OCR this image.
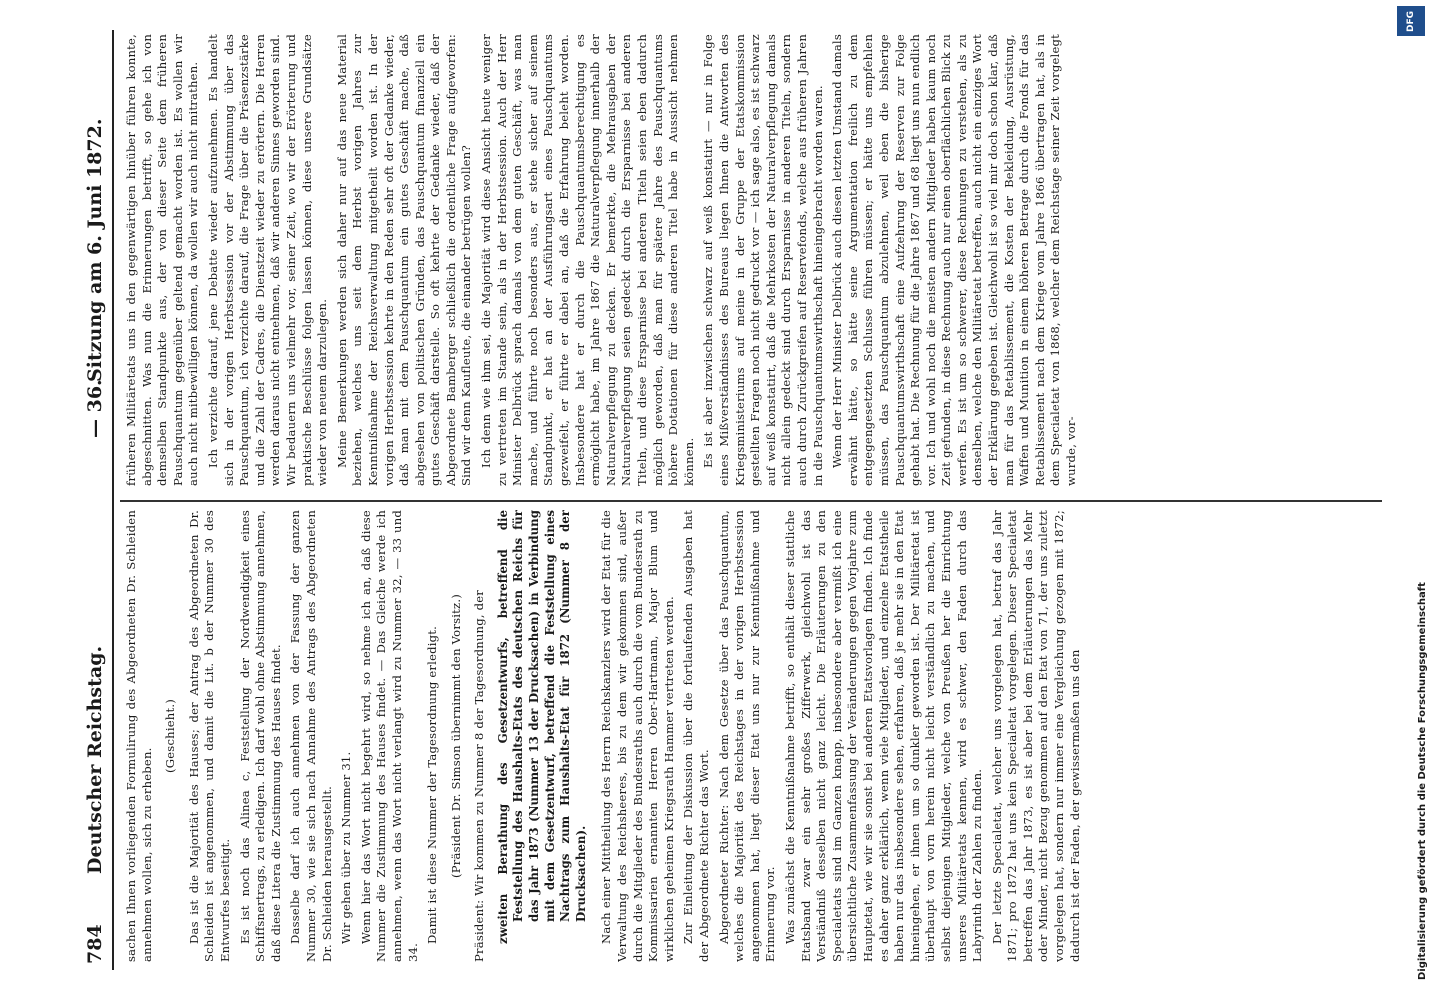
784
Deutscher Reichstag.
— 36.
Sitzung am 6. Juni 1872.

sachen Ihnen vorliegenden Formulirung des Abgeordneten Dr. Schleiden annehmen wollen, sich zu erheben.

(Geschieht.) Das ist die Majorität des Hauses; der Antrag des Abgeordneten Dr. Schleiden ist angenommen, und damit die Lit. b der Nummer 30 des Entwurfes beseitigt. Es ist noch das Alinea c, Feststellung der Nordwendigkeit eines Schiffsnertrags, zu erledigen. Ich darf wohl ohne Abstimmung annehmen, daß diese Litera die Zustimmung des Hauses findet. Dasselbe darf ich auch annehmen von der Fassung der ganzen Nummer 30, wie sie sich nach Annahme des Antrags des Abgeordneten Dr. Schleiden herausgestellt. Wir gehen über zu Nummer 31. Wenn hier das Wort nicht begehrt wird, so nehme ich an, daß diese Nummer die Zustimmung des Hauses findet. — Das Gleiche werde ich annehmen, wenn das Wort nicht verlangt wird zu Nummer 32, — 33 und 34.

Damit ist diese Nummer der Tagesordnung erledigt. (Präsident Dr. Simson übernimmt den Vorsitz.) Präsident: Wir kommen zu Nummer 8 der Tagesordnung, der zweiten Berathung des Gesetzentwurfs, betreffend die Feststellung des Haushalts-Etats des deutschen Reichs für das Jahr 1873 (Nummer 13 der Drucksachen) in Verbindung mit dem Gesetzentwurf, betreffend die Feststellung eines Nachtrags zum Haushalts-Etat für 1872 (Nummer 8 der Drucksachen). Nach einer Mittheilung des Herrn Reichskanzlers wird der Etat für die Verwaltung des Reichsheeres, bis zu dem wir gekommen sind, außer durch die Mitglieder des Bundesraths auch durch die vom Bundesrath zu Kommissarien ernannten Herren Ober-Hartmann, Major Blum und wirklichen geheimen Kriegsrath Hammer vertreten werden. Zur Einleitung der Diskussion über die fortlaufenden Ausgaben hat der Abgeordnete Richter das Wort. Abgeordneter Richter: Nach dem Gesetze über das Pauschquantum, welches die Majorität des Reichstages in der vorigen Herbstsession angenommen hat, liegt dieser Etat uns nur zur Kenntnißnahme und Erinnerung vor. Was zunächst die Kenntnißnahme betrifft, so enthält dieser stattliche Etatsband zwar ein sehr großes Zifferwerk, gleichwohl ist das Verständniß desselben nicht ganz leicht. Die Erläuterungen zu den Specialetats sind im Ganzen knapp, insbesondere aber vermißt ich eine übersichtliche Zusammenfassung der Veränderungen gegen Vorjahre zum Hauptetat, wie wir sie sonst bei anderen Etatsvorlagen finden. Ich finde es daher ganz erklärlich, wenn viele Mitglieder, und einzelne Etatstheile haben nur das insbesondere sehen, erfahren, daß je mehr sie in den Etat hineingehen, er ihnen um so dunkler geworden ist. Der Militäretat ist überhaupt von vorn herein nicht leicht verständlich zu machen, und selbst diejenigen Mitglieder, welche von Preußen her die Einrichtung unseres Militäretats kennen, wird es schwer, den Faden durch das Labyrinth der Zahlen zu finden. Der letzte Specialetat, welcher uns vorgelegen hat, betraf das Jahr 1871; pro 1872 hat uns kein Specialetat vorgelegen. Dieser Specialetat betreffen das Jahr 1873, es ist aber bei dem Erläuterungen das Mehr oder Minder, nicht Bezug genommen auf den Etat von 71, der uns zuletzt vorgelegen hat, sondern nur immer eine Vergleichung gezogen mit 1872; dadurch ist der Faden, der gewissermaßen uns den

früheren Militäretats uns in den gegenwärtigen hinüber führen konnte, abgeschnitten. Was nun die Erinnerungen betrifft, so gehe ich von demselben Standpunkte aus, der von dieser Seite dem früheren Pauschquantum gegenüber geltend gemacht worden ist. Es wollen wir auch nicht mitbewilligen können, da wollen wir auch nicht mitrathen. Ich verzichte darauf, jene Debatte wieder aufzunehmen. Es handelt sich in der vorigen Herbstsession vor der Abstimmung über das Pauschquantum, ich verzichte darauf, die Frage über die Präsenzstärke und die Zahl der Cadres, die Dienstzeit wieder zu erörtern. Die Herren werden daraus nicht entnehmen, daß wir anderen Sinnes geworden sind. Wir bedauern uns vielmehr vor, seiner Zeit, wo wir der Erörterung und praktische Beschlüsse folgen lassen können, diese unsere Grundsätze wieder von neuem darzulegen. Meine Bemerkungen werden sich daher nur auf das neue Material beziehen, welches uns seit dem Herbst vorigen Jahres zur Kenntnißnahme der Reichsverwaltung mitgetheilt worden ist. In der vorigen Herbstsession kehrte in den Reden sehr oft der Gedanke wieder, daß man mit dem Pauschquantum ein gutes Geschäft mache, daß abgesehen von politischen Gründen, das Pauschquantum finanziell ein gutes Geschäft darstelle. So oft kehrte der Gedanke wieder, daß der Abgeordnete Bamberger schließlich die ordentliche Frage aufgeworfen: Sind wir denn Kaufleute, die einander betrügen wollen? Ich denn wie ihm sei, die Majorität wird diese Ansicht heute weniger zu vertreten im Stande sein, als in der Herbstsession. Auch der Herr Minister Delbrück sprach damals von dem guten Geschäft, was man mache, und führte noch besonders aus, er stehe sicher auf seinem Standpunkt, er hat an der Ausführungsart eines Pauschquantums gezweifelt, er führte er dabei an, daß die Erfahrung beleht worden. Insbesondere hat er durch die Pauschquantumsberechtigung es ermöglicht habe, im Jahre 1867 die Naturalverpflegung innerhalb der Naturalverpflegung zu decken. Er bemerkte, die Mehrausgaben der Naturalverpflegung seien gedeckt durch die Ersparnisse bei anderen Titeln, und diese Ersparnisse bei anderen Titeln seien eben dadurch möglich geworden, daß man für spätere Jahre des Pauschquantums höhere Dotationen für diese anderen Titel habe in Aussicht nehmen können. Es ist aber inzwischen schwarz auf weiß konstatirt — nur in Folge eines Mißverständnisses des Bureaus liegen Ihnen die Antworten des Kriegsministeriums auf meine in der Gruppe der Etatskommission gestellten Fragen noch nicht gedruckt vor — ich sage also, es ist schwarz auf weiß konstatirt, daß die Mehrkosten der Naturalverpflegung damals nicht allein gedeckt sind durch Ersparnisse in anderen Titeln, sondern auch durch Zurückgreifen auf Reservefonds, welche aus früheren Jahren in die Pauschquantumswirthschaft hineingebracht worden waren. Wenn der Herr Minister Delbrück auch diesen letzten Umstand damals erwähnt hätte, so hätte seine Argumentation freilich zu dem entgegengesetzten Schlusse führen müssen; er hätte uns empfehlen müssen, das Pauschquantum abzulehnen, weil eben die bisherige Pauschquantumswirthschaft eine Aufzehrung der Reserven zur Folge gehabt hat. Die Rechnung für die Jahre 1867 und 68 liegt uns nun endlich vor. Ich und wohl noch die meisten andern Mitglieder haben kaum noch Zeit gefunden, in diese Rechnung auch nur einen oberflächlichen Blick zu werfen. Es ist um so schwerer, diese Rechnungen zu verstehen, als zu denselben, welche den Militäretat betreffen, auch nicht ein einziges Wort der Erklärung gegeben ist. Gleichwohl ist so viel mir doch schon klar, daß man für das Retablissement, die Kosten der Bekleidung, Ausrüstung, Waffen und Munition in einem höheren Betrage durch die Fonds für das Retablissement nach dem Kriege vom Jahre 1866 übertragen hat, als in dem Specialetat von 1868, welcher dem Reichstage seiner Zeit vorgelegt wurde, vor-

Digitalisierung gefördert durch die Deutsche Forschungsgemeinschaft
DFG
